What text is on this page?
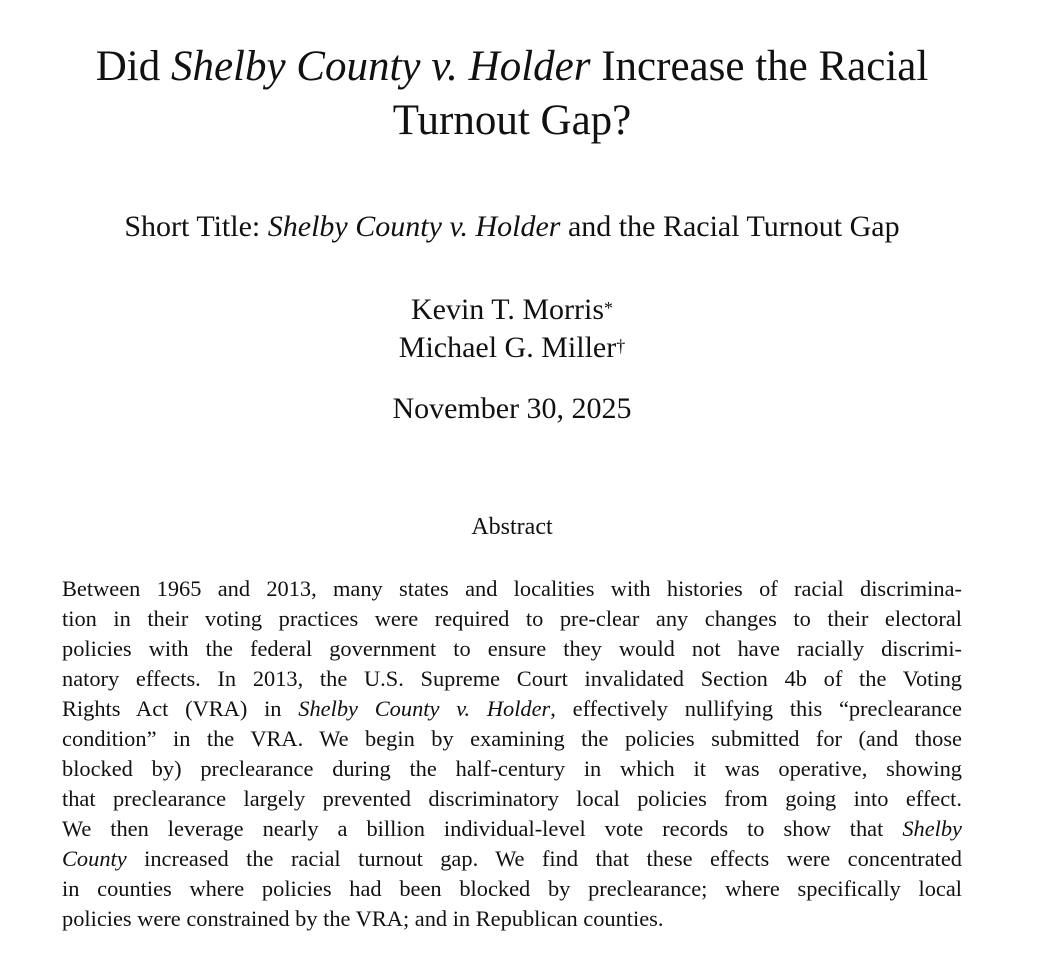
Did Shelby County v. Holder Increase the Racial
Turnout Gap?
Short Title: Shelby County v. Holder and the Racial Turnout Gap
Kevin T. Morris*
Michael G. Miller†
November 30, 2025
Abstract
Between 1965 and 2013, many states and localities with histories of racial discrimina-
tion in their voting practices were required to pre-clear any changes to their electoral
policies with the federal government to ensure they would not have racially discrimi-
natory effects. In 2013, the U.S. Supreme Court invalidated Section 4b of the Voting
Rights Act (VRA) in Shelby County v. Holder, effectively nullifying this “preclearance
condition” in the VRA. We begin by examining the policies submitted for (and those
blocked by) preclearance during the half-century in which it was operative, showing
that preclearance largely prevented discriminatory local policies from going into effect.
We then leverage nearly a billion individual-level vote records to show that Shelby
County increased the racial turnout gap. We find that these effects were concentrated
in counties where policies had been blocked by preclearance; where specifically local
policies were constrained by the VRA; and in Republican counties.
